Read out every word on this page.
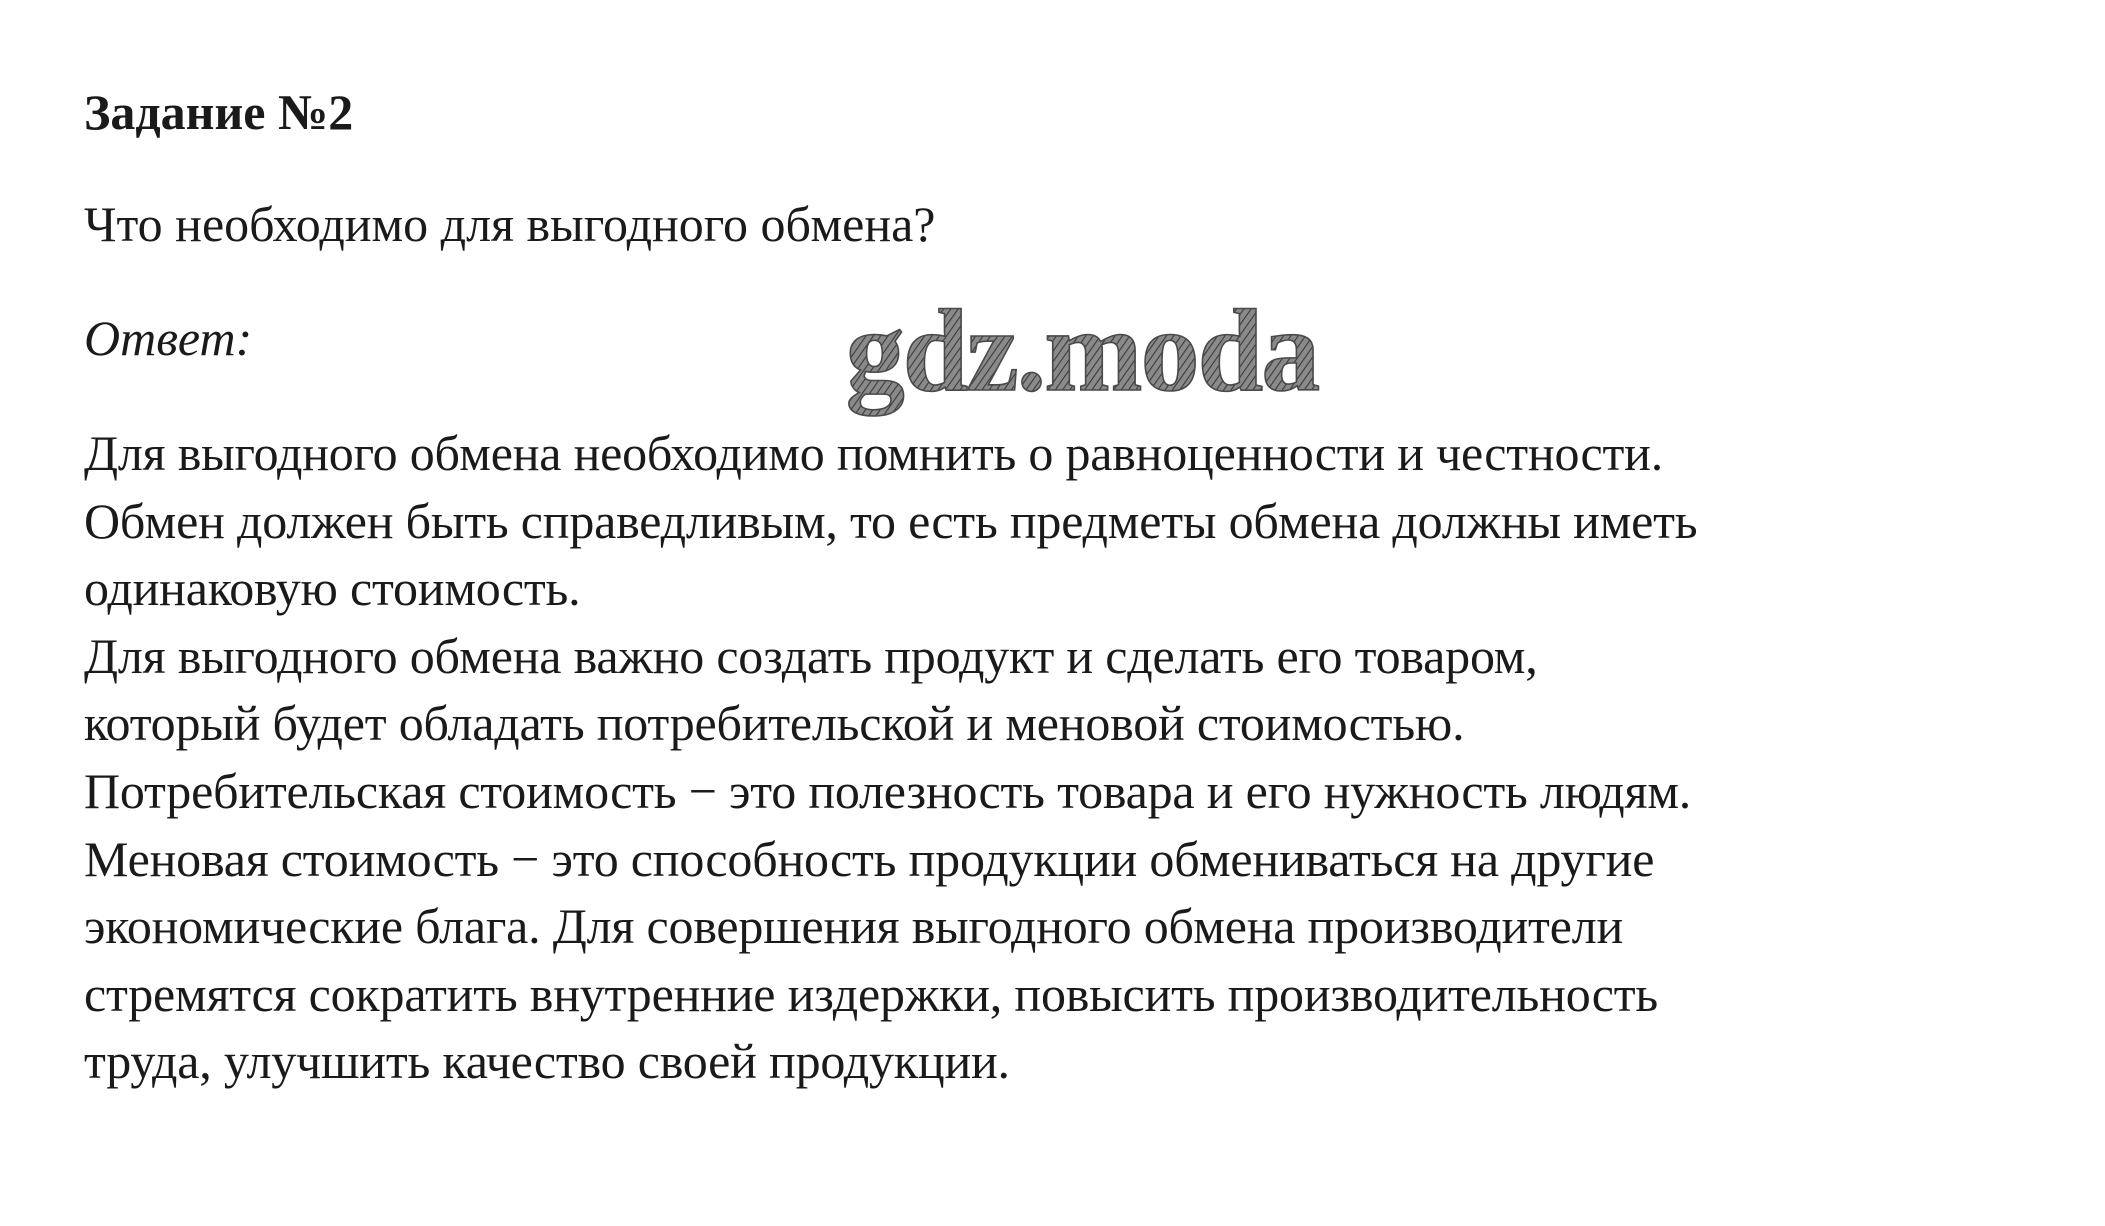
Задание №2

Что необходимо для выгодного обмена?

Ответ:	gdz.moda
Для выгодного обмена необходимо помнить о равноценности и честности.
Обмен должен быть справедливым, то есть предметы обмена должны иметь
одинаковую стоимость.
Для выгодного обмена важно создать продукт и сделать его товаром,
который будет обладать потребительской и меновой стоимостью.
Потребительская стоимость − это полезность товара и его нужность людям.
Меновая стоимость − это способность продукции обмениваться на другие
экономические блага. Для совершения выгодного обмена производители
стремятся сократить внутренние издержки, повысить производительность
труда, улучшить качество своей продукции.
